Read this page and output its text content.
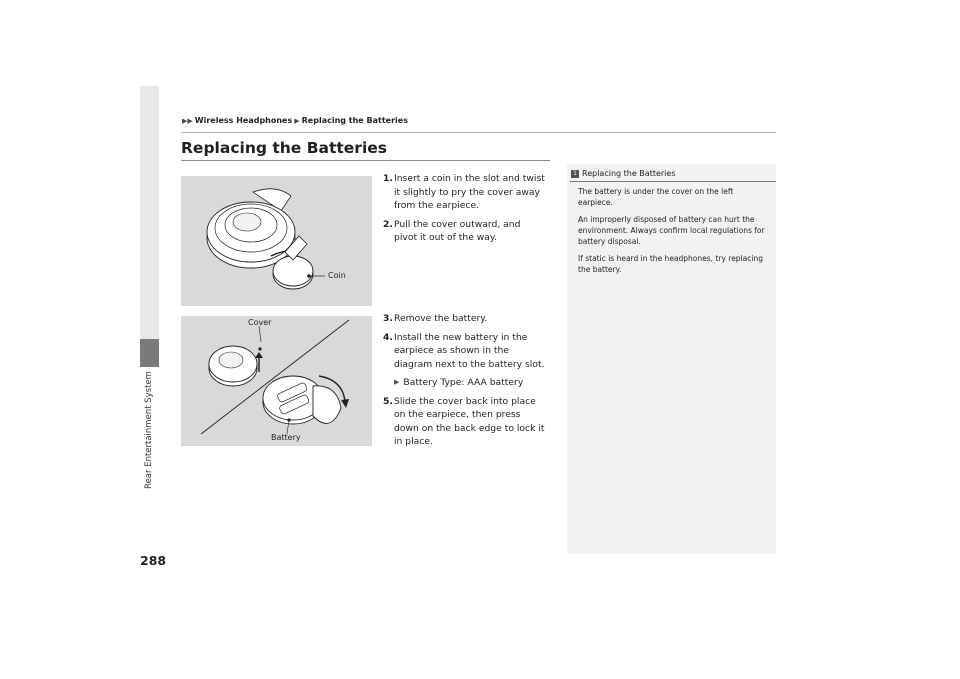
Rear Entertainment System
288
▶▶ Wireless Headphones ▶ Replacing the Batteries
Replacing the Batteries
Coin
Cover
Battery
1. Insert a coin in the slot and twist it slightly to pry the cover away from the earpiece.
2. Pull the cover outward, and pivot it out of the way.
3. Remove the battery.
4. Install the new battery in the earpiece as shown in the diagram next to the battery slot.
▶ Battery Type: AAA battery
5. Slide the cover back into place on the earpiece, then press down on the back edge to lock it in place.
1 Replacing the Batteries

The battery is under the cover on the left earpiece.

An improperly disposed of battery can hurt the environment. Always confirm local regulations for battery disposal.

If static is heard in the headphones, try replacing the battery.
